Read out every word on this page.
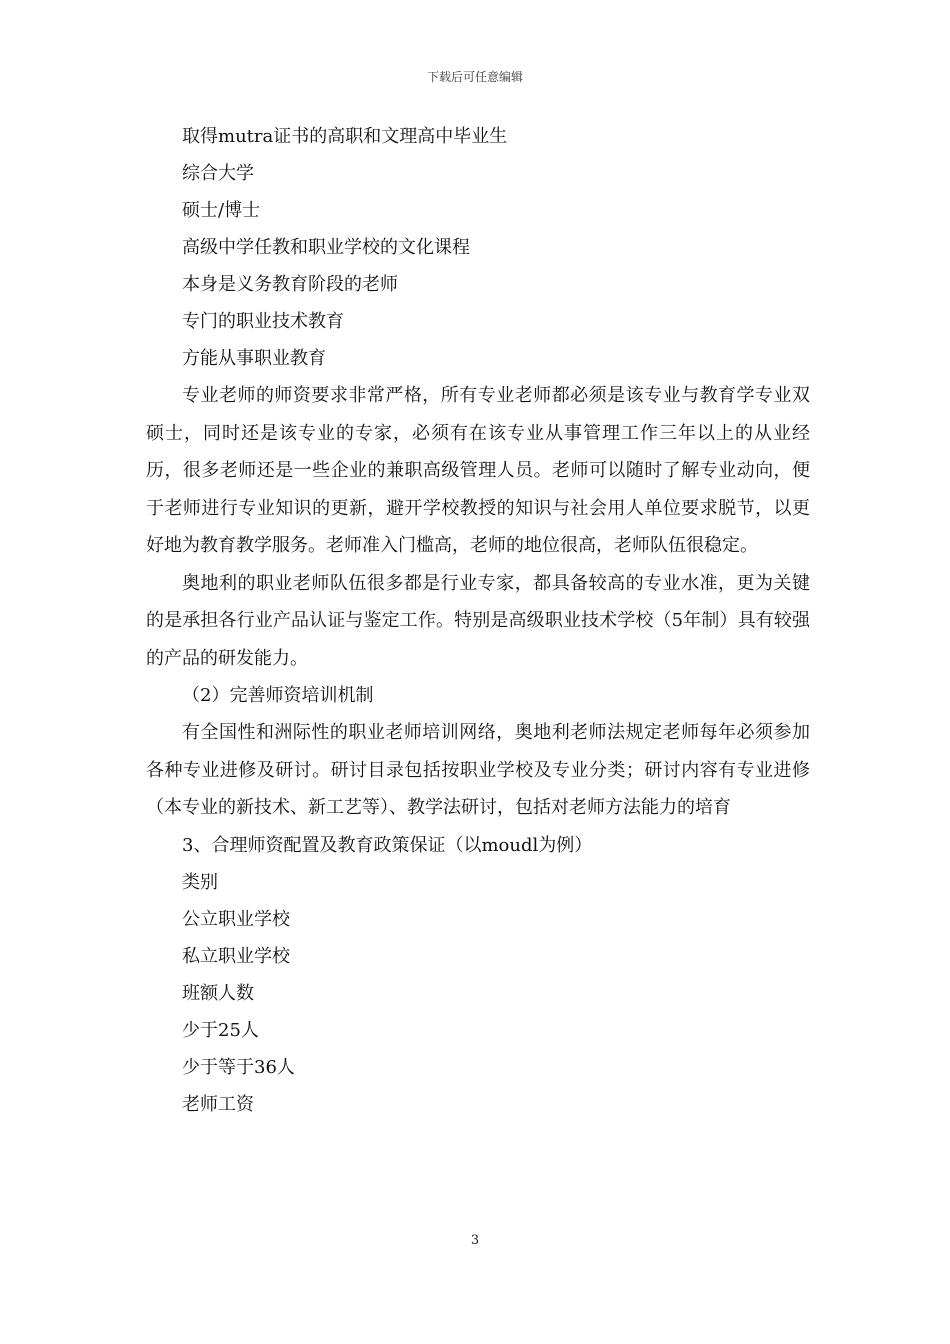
下载后可任意编辑
取得mutra证书的高职和文理高中毕业生
综合大学
硕士/博士
高级中学任教和职业学校的文化课程
本身是义务教育阶段的老师
专门的职业技术教育
方能从事职业教育

专业老师的师资要求非常严格，所有专业老师都必须是该专业与教育学专业双硕士，同时还是该专业的专家，必须有在该专业从事管理工作三年以上的从业经历，很多老师还是一些企业的兼职高级管理人员。老师可以随时了解专业动向，便于老师进行专业知识的更新，避开学校教授的知识与社会用人单位要求脱节，以更好地为教育教学服务。老师准入门槛高，老师的地位很高，老师队伍很稳定。

奥地利的职业老师队伍很多都是行业专家，都具备较高的专业水准，更为关键的是承担各行业产品认证与鉴定工作。特别是高级职业技术学校（5年制）具有较强的产品的研发能力。

（2）完善师资培训机制

有全国性和洲际性的职业老师培训网络，奥地利老师法规定老师每年必须参加各种专业进修及研讨。研讨目录包括按职业学校及专业分类；研讨内容有专业进修（本专业的新技术、新工艺等）、教学法研讨，包括对老师方法能力的培育

3、合理师资配置及教育政策保证（以moudl为例）
类别
公立职业学校
私立职业学校
班额人数
少于25人
少于等于36人
老师工资
3
